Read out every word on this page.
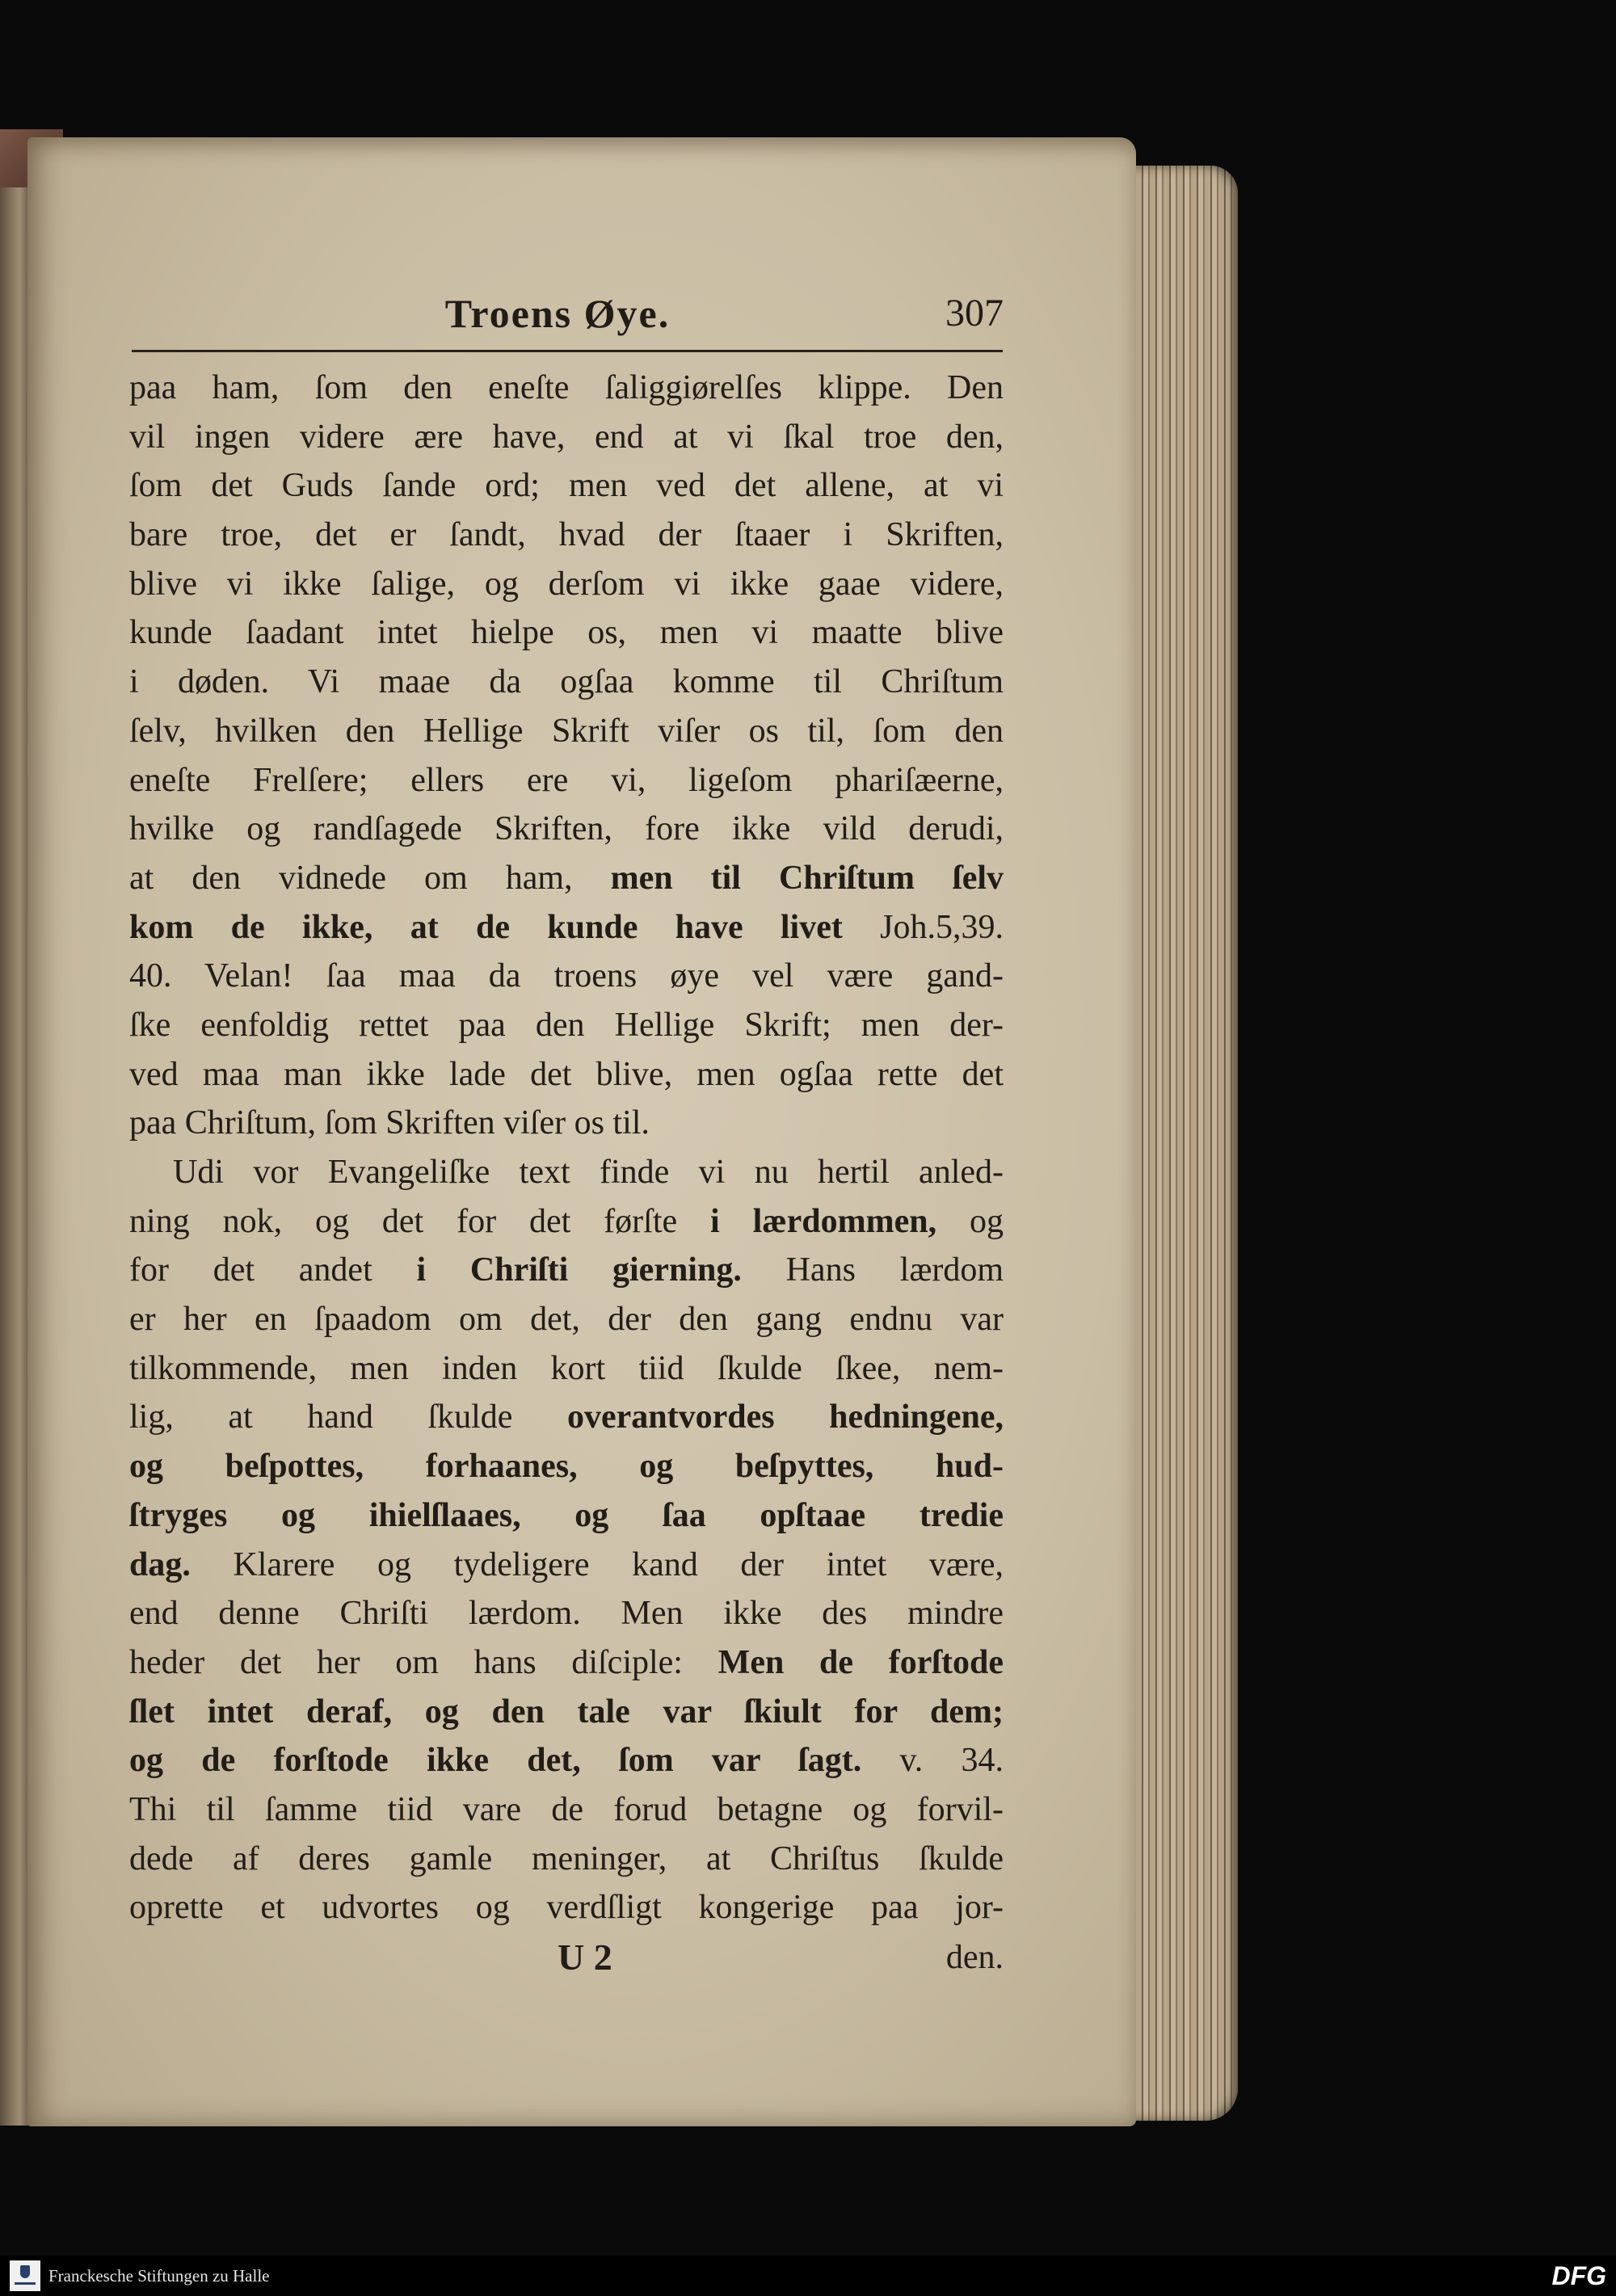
Troens Øye.	307
paa ham, ſom den eneſte ſaliggiørelſes klippe. Den
vil ingen videre ære have, end at vi ſkal troe den,
ſom det Guds ſande ord; men ved det allene, at vi
bare troe, det er ſandt, hvad der ſtaaer i Skriften,
blive vi ikke ſalige, og derſom vi ikke gaae videre,
kunde ſaadant intet hielpe os, men vi maatte blive
i døden. Vi maae da ogſaa komme til Chriſtum
ſelv, hvilken den Hellige Skrift viſer os til, ſom den
eneſte Frelſere; ellers ere vi, ligeſom phariſæerne,
hvilke og randſagede Skriften, fore ikke vild derudi,
at den vidnede om ham, men til Chriſtum ſelv
kom de ikke, at de kunde have livet Joh.5,39.
40. Velan! ſaa maa da troens øye vel være gand-
ſke eenfoldig rettet paa den Hellige Skrift; men der-
ved maa man ikke lade det blive, men ogſaa rette det
paa Chriſtum, ſom Skriften viſer os til.
Udi vor Evangeliſke text finde vi nu hertil anled-
ning nok, og det for det førſte i lærdommen, og
for det andet i Chriſti gierning. Hans lærdom
er her en ſpaadom om det, der den gang endnu var
tilkommende, men inden kort tiid ſkulde ſkee, nem-
lig, at hand ſkulde overantvordes hedningene,
og beſpottes, forhaanes, og beſpyttes, hud-
ſtryges og ihielſlaaes, og ſaa opſtaae tredie
dag. Klarere og tydeligere kand der intet være,
end denne Chriſti lærdom. Men ikke des mindre
heder det her om hans diſciple: Men de forſtode
ſlet intet deraf, og den tale var ſkiult for dem;
og de forſtode ikke det, ſom var ſagt. v. 34.
Thi til ſamme tiid vare de forud betagne og forvil-
dede af deres gamle meninger, at Chriſtus ſkulde
oprette et udvortes og verdſligt kongerige paa jor-
U 2	den.
Franckesche Stiftungen zu Halle	DFG
